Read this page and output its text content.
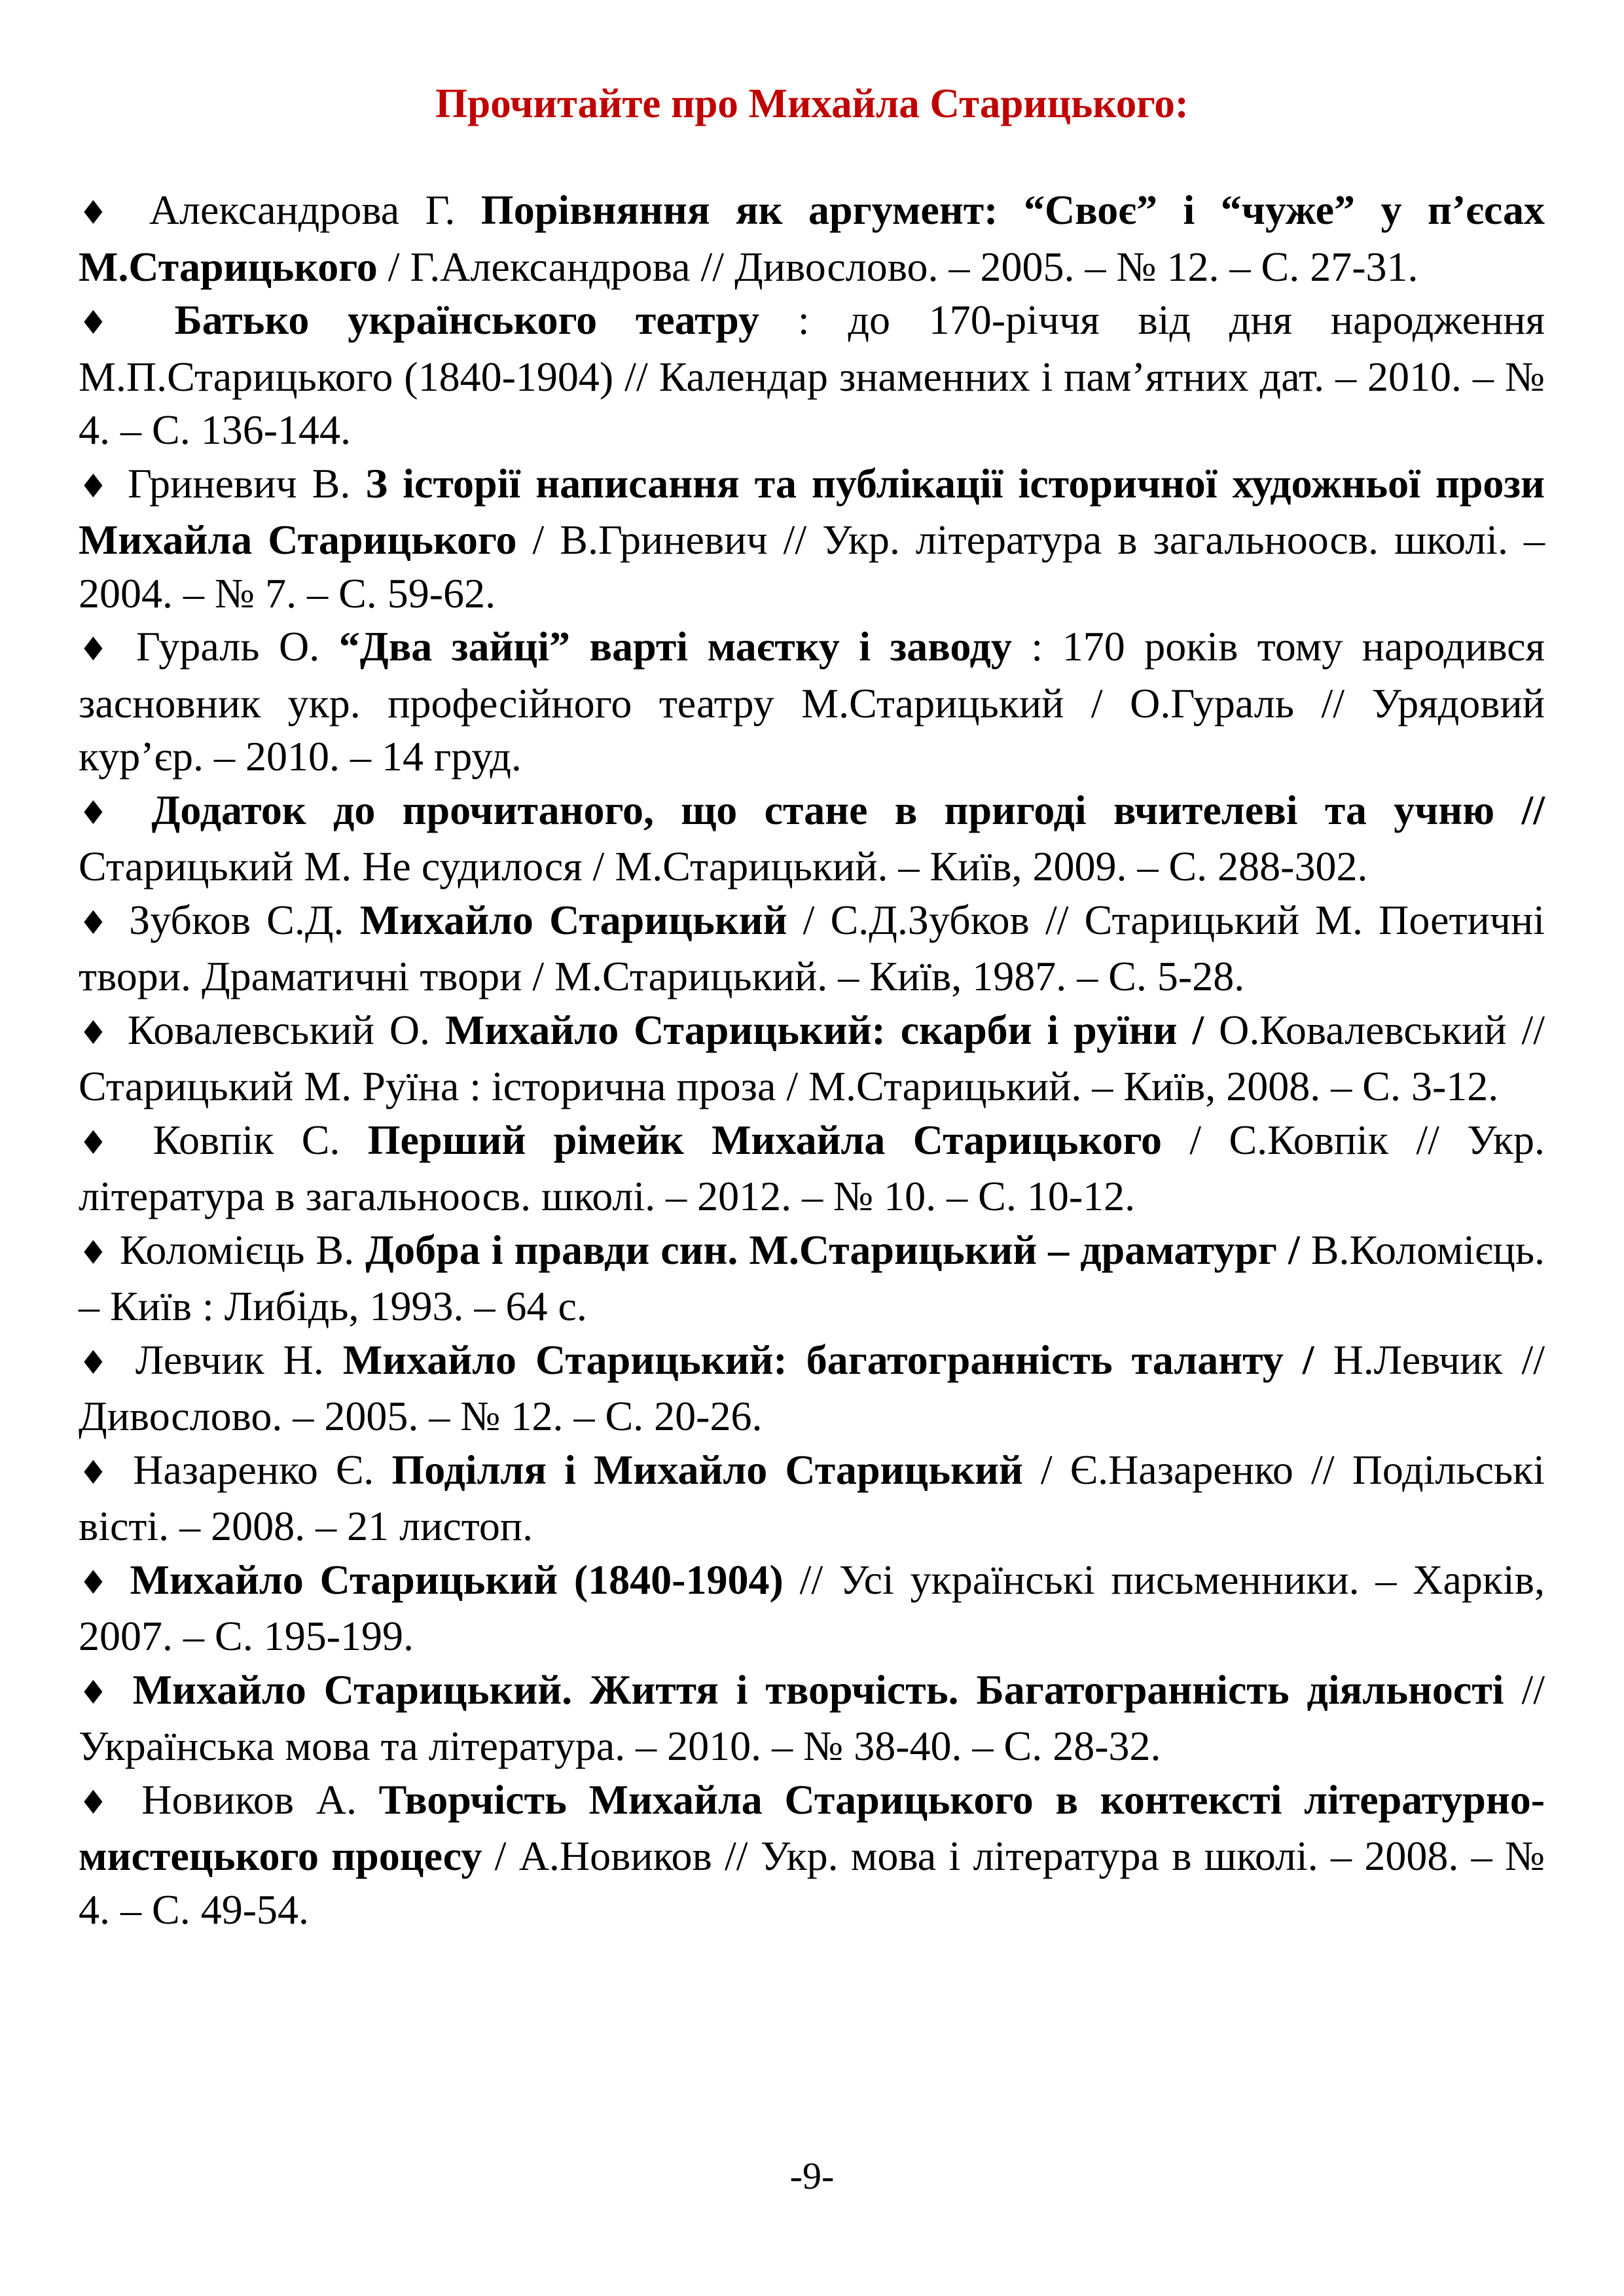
Прочитайте про Михайла Старицького:

♦ Александрова Г. Порівняння як аргумент: “Своє” і “чуже” у п’єсах М.Старицького / Г.Александрова // Дивослово. – 2005. – № 12. – С. 27-31.

♦ Батько українського театру : до 170-річчя від дня народження М.П.Старицького (1840-1904) // Календар знаменних і пам’ятних дат. – 2010. – № 4. – С. 136-144.

♦ Гриневич В. З історії написання та публікації історичної художньої прози Михайла Старицького / В.Гриневич // Укр. література в загальноосв. школі. – 2004. – № 7. – С. 59-62.

♦ Гураль О. “Два зайці” варті маєтку і заводу : 170 років тому народився засновник укр. професійного театру М.Старицький / О.Гураль // Урядовий кур’єр. – 2010. – 14 груд.

♦ Додаток до прочитаного, що стане в пригоді вчителеві та учню // Старицький М. Не судилося / М.Старицький. – Київ, 2009. – С. 288-302.

♦ Зубков С.Д. Михайло Старицький / С.Д.Зубков // Старицький М. Поетичні твори. Драматичні твори / М.Старицький. – Київ, 1987. – С. 5-28.

♦ Ковалевський О. Михайло Старицький: скарби і руїни / О.Ковалевський // Старицький М. Руїна : історична проза / М.Старицький. – Київ, 2008. – С. 3-12.

♦ Ковпік С. Перший рімейк Михайла Старицького / С.Ковпік // Укр. література в загальноосв. школі. – 2012. – № 10. – С. 10-12.

♦ Коломієць В. Добра і правди син. М.Старицький – драматург / В.Коломієць. – Київ : Либідь, 1993. – 64 с.

♦ Левчик Н. Михайло Старицький: багатогранність таланту / Н.Левчик // Дивослово. – 2005. – № 12. – С. 20-26.

♦ Назаренко Є. Поділля і Михайло Старицький / Є.Назаренко // Подільські вісті. – 2008. – 21 листоп.

♦ Михайло Старицький (1840-1904) // Усі українські письменники. – Харків, 2007. – С. 195-199.

♦ Михайло Старицький. Життя і творчість. Багатогранність діяльності // Українська мова та література. – 2010. – № 38-40. – С. 28-32.

♦ Новиков А. Творчість Михайла Старицького в контексті літературно-мистецького процесу / А.Новиков // Укр. мова і література в школі. – 2008. – № 4. – С. 49-54.

-9-
